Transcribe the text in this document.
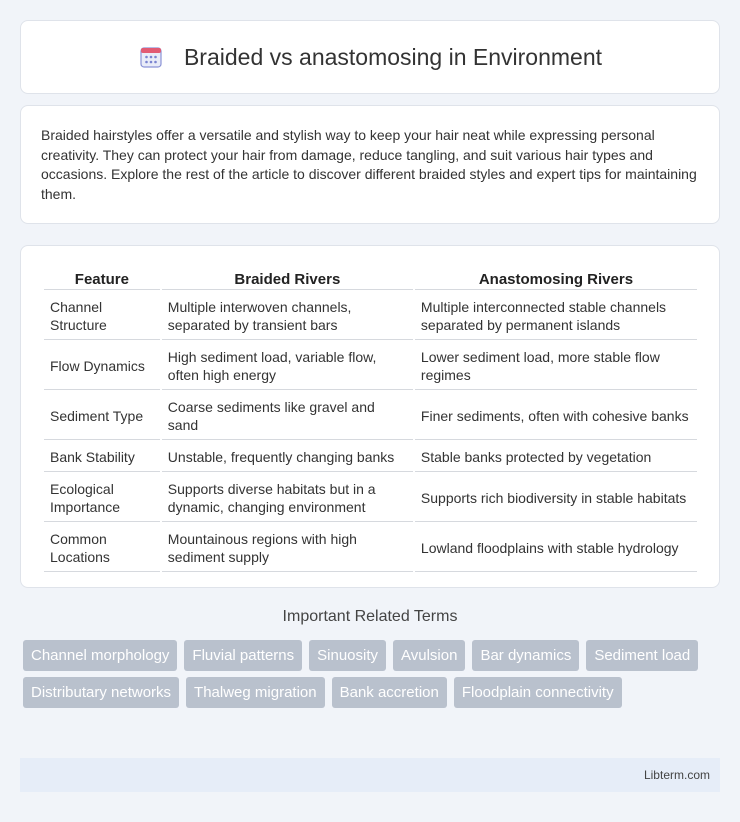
Braided vs anastomosing in Environment

Braided hairstyles offer a versatile and stylish way to keep your hair neat while expressing personal creativity. They can protect your hair from damage, reduce tangling, and suit various hair types and occasions. Explore the rest of the article to discover different braided styles and expert tips for maintaining them.

Feature	Braided Rivers	Anastomosing Rivers
Channel Structure	Multiple interwoven channels, separated by transient bars	Multiple interconnected stable channels separated by permanent islands
Flow Dynamics	High sediment load, variable flow, often high energy	Lower sediment load, more stable flow regimes
Sediment Type	Coarse sediments like gravel and sand	Finer sediments, often with cohesive banks
Bank Stability	Unstable, frequently changing banks	Stable banks protected by vegetation
Ecological Importance	Supports diverse habitats but in a dynamic, changing environment	Supports rich biodiversity in stable habitats
Common Locations	Mountainous regions with high sediment supply	Lowland floodplains with stable hydrology
Important Related Terms
Channel morphology	Fluvial patterns	Sinuosity	Avulsion	Bar dynamics	Sediment load
Distributary networks	Thalweg migration	Bank accretion	Floodplain connectivity
Libterm.com
